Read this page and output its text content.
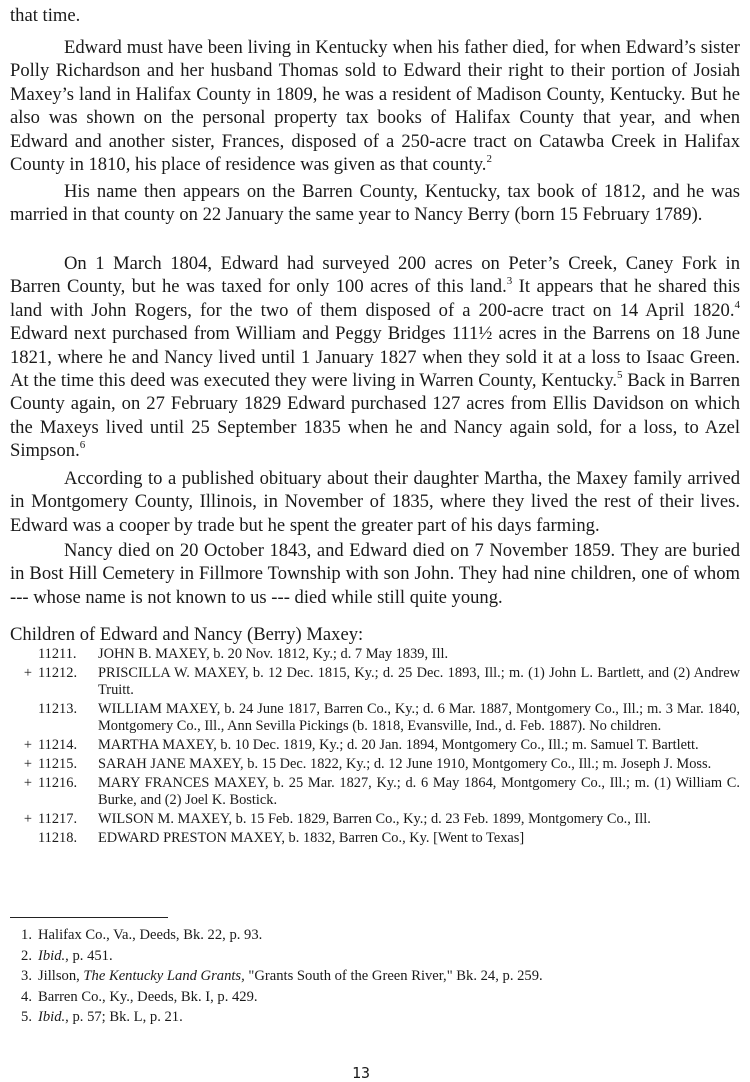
that time.

Edward must have been living in Kentucky when his father died, for when Edward’s sister Polly Richardson and her husband Thomas sold to Edward their right to their portion of Josiah Maxey’s land in Halifax County in 1809, he was a resident of Madison County, Kentucky. But he also was shown on the personal property tax books of Halifax County that year, and when Edward and another sister, Frances, disposed of a 250-acre tract on Catawba Creek in Halifax County in 1810, his place of residence was given as that county.$^2$

His name then appears on the Barren County, Kentucky, tax book of 1812, and he was married in that county on 22 January the same year to Nancy Berry (born 15 February 1789).

On 1 March 1804, Edward had surveyed 200 acres on Peter’s Creek, Caney Fork in Barren County, but he was taxed for only 100 acres of this land.$^3$ It appears that he shared this land with John Rogers, for the two of them disposed of a 200-acre tract on 14 April 1820.$^4$ Edward next purchased from William and Peggy Bridges 111½ acres in the Barrens on 18 June 1821, where he and Nancy lived until 1 January 1827 when they sold it at a loss to Isaac Green. At the time this deed was executed they were living in Warren County, Kentucky.$^5$ Back in Barren County again, on 27 February 1829 Edward purchased 127 acres from Ellis Davidson on which the Maxeys lived until 25 September 1835 when he and Nancy again sold, for a loss, to Azel Simpson.$^6$

According to a published obituary about their daughter Martha, the Maxey family arrived in Montgomery County, Illinois, in November of 1835, where they lived the rest of their lives. Edward was a cooper by trade but he spent the greater part of his days farming.

Nancy died on 20 October 1843, and Edward died on 7 November 1859. They are buried in Bost Hill Cemetery in Fillmore Township with son John. They had nine children, one of whom --- whose name is not known to us --- died while still quite young.

Children of Edward and Nancy (Berry) Maxey:

11211.	JOHN B. MAXEY, b. 20 Nov. 1812, Ky.; d. 7 May 1839, Ill.
+ 11212.	PRISCILLA W. MAXEY, b. 12 Dec. 1815, Ky.; d. 25 Dec. 1893, Ill.; m. (1) John L. Bartlett, and (2) Andrew Truitt.
11213.	WILLIAM MAXEY, b. 24 June 1817, Barren Co., Ky.; d. 6 Mar. 1887, Montgomery Co., Ill.; m. 3 Mar. 1840, Montgomery Co., Ill., Ann Sevilla Pickings (b. 1818, Evansville, Ind., d. Feb. 1887). No children.
+ 11214.	MARTHA MAXEY, b. 10 Dec. 1819, Ky.; d. 20 Jan. 1894, Montgomery Co., Ill.; m. Samuel T. Bartlett.
+ 11215.	SARAH JANE MAXEY, b. 15 Dec. 1822, Ky.; d. 12 June 1910, Montgomery Co., Ill.; m. Joseph J. Moss.
+ 11216.	MARY FRANCES MAXEY, b. 25 Mar. 1827, Ky.; d. 6 May 1864, Montgomery Co., Ill.; m. (1) William C. Burke, and (2) Joel K. Bostick.
+ 11217.	WILSON M. MAXEY, b. 15 Feb. 1829, Barren Co., Ky.; d. 23 Feb. 1899, Montgomery Co., Ill.
11218.	EDWARD PRESTON MAXEY, b. 1832, Barren Co., Ky. [Went to Texas]
1. Halifax Co., Va., Deeds, Bk. 22, p. 93.
2. Ibid., p. 451.
3. Jillson, The Kentucky Land Grants, "Grants South of the Green River," Bk. 24, p. 259.
4. Barren Co., Ky., Deeds, Bk. I, p. 429.
5. Ibid., p. 57; Bk. L, p. 21.

13
